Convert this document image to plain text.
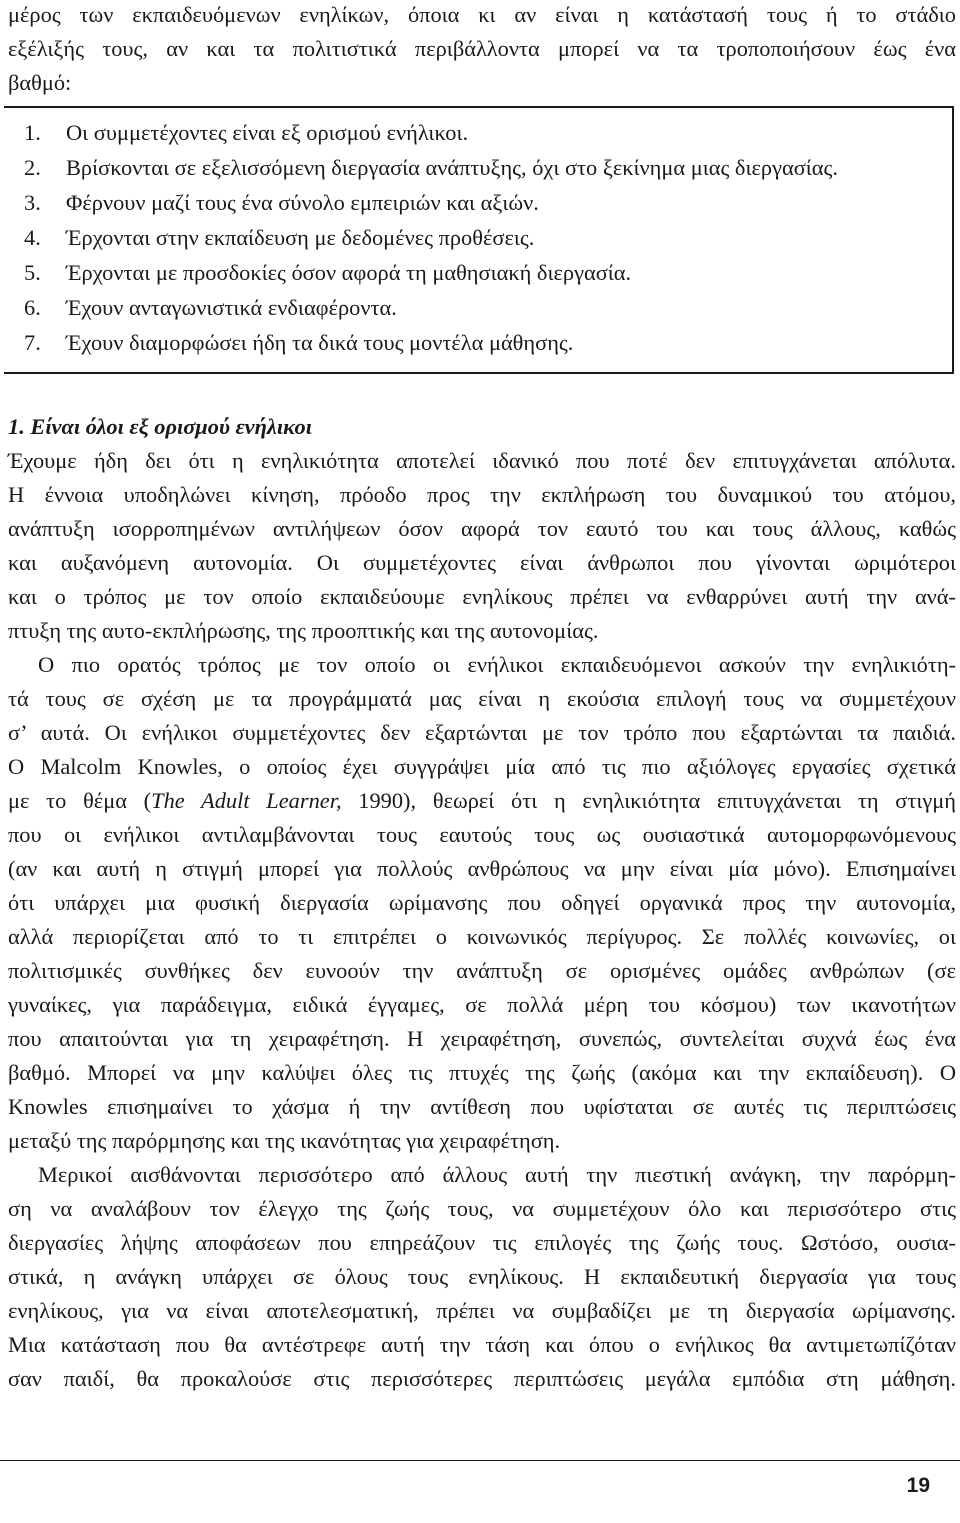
μέρος των εκπαιδευόμενων ενηλίκων, όποια κι αν είναι η κατάστασή τους ή το στάδιο
εξέλιξής τους, αν και τα πολιτιστικά περιβάλλοντα μπορεί να τα τροποποιήσουν έως ένα
βαθμό:
1. Οι συμμετέχοντες είναι εξ ορισμού ενήλικοι.
2. Βρίσκονται σε εξελισσόμενη διεργασία ανάπτυξης, όχι στο ξεκίνημα μιας διεργασίας.
3. Φέρνουν μαζί τους ένα σύνολο εμπειριών και αξιών.
4. Έρχονται στην εκπαίδευση με δεδομένες προθέσεις.
5. Έρχονται με προσδοκίες όσον αφορά τη μαθησιακή διεργασία.
6. Έχουν ανταγωνιστικά ενδιαφέροντα.
7. Έχουν διαμορφώσει ήδη τα δικά τους μοντέλα μάθησης.
1. Είναι όλοι εξ ορισμού ενήλικοι
Έχουμε ήδη δει ότι η ενηλικιότητα αποτελεί ιδανικό που ποτέ δεν επιτυγχάνεται απόλυτα.
Η έννοια υποδηλώνει κίνηση, πρόοδο προς την εκπλήρωση του δυναμικού του ατόμου,
ανάπτυξη ισορροπημένων αντιλήψεων όσον αφορά τον εαυτό του και τους άλλους, καθώς
και αυξανόμενη αυτονομία. Οι συμμετέχοντες είναι άνθρωποι που γίνονται ωριμότεροι
και ο τρόπος με τον οποίο εκπαιδεύουμε ενηλίκους πρέπει να ενθαρρύνει αυτή την ανά-
πτυξη της αυτο-εκπλήρωσης, της προοπτικής και της αυτονομίας.
Ο πιο ορατός τρόπος με τον οποίο οι ενήλικοι εκπαιδευόμενοι ασκούν την ενηλικιότη-
τά τους σε σχέση με τα προγράμματά μας είναι η εκούσια επιλογή τους να συμμετέχουν
σ’ αυτά. Οι ενήλικοι συμμετέχοντες δεν εξαρτώνται με τον τρόπο που εξαρτώνται τα παιδιά.
Ο Malcolm Knowles, ο οποίος έχει συγγράψει μία από τις πιο αξιόλογες εργασίες σχετικά
με το θέμα (The Adult Learner, 1990), θεωρεί ότι η ενηλικιότητα επιτυγχάνεται τη στιγμή
που οι ενήλικοι αντιλαμβάνονται τους εαυτούς τους ως ουσιαστικά αυτομορφωνόμενους
(αν και αυτή η στιγμή μπορεί για πολλούς ανθρώπους να μην είναι μία μόνο). Επισημαίνει
ότι υπάρχει μια φυσική διεργασία ωρίμανσης που οδηγεί οργανικά προς την αυτονομία,
αλλά περιορίζεται από το τι επιτρέπει ο κοινωνικός περίγυρος. Σε πολλές κοινωνίες, οι
πολιτισμικές συνθήκες δεν ευνοούν την ανάπτυξη σε ορισμένες ομάδες ανθρώπων (σε
γυναίκες, για παράδειγμα, ειδικά έγγαμες, σε πολλά μέρη του κόσμου) των ικανοτήτων
που απαιτούνται για τη χειραφέτηση. Η χειραφέτηση, συνεπώς, συντελείται συχνά έως ένα
βαθμό. Μπορεί να μην καλύψει όλες τις πτυχές της ζωής (ακόμα και την εκπαίδευση). Ο
Knowles επισημαίνει το χάσμα ή την αντίθεση που υφίσταται σε αυτές τις περιπτώσεις
μεταξύ της παρόρμησης και της ικανότητας για χειραφέτηση.
Μερικοί αισθάνονται περισσότερο από άλλους αυτή την πιεστική ανάγκη, την παρόρμη-
ση να αναλάβουν τον έλεγχο της ζωής τους, να συμμετέχουν όλο και περισσότερο στις
διεργασίες λήψης αποφάσεων που επηρεάζουν τις επιλογές της ζωής τους. Ωστόσο, ουσια-
στικά, η ανάγκη υπάρχει σε όλους τους ενηλίκους. Η εκπαιδευτική διεργασία για τους
ενηλίκους, για να είναι αποτελεσματική, πρέπει να συμβαδίζει με τη διεργασία ωρίμανσης.
Μια κατάσταση που θα αντέστρεφε αυτή την τάση και όπου ο ενήλικος θα αντιμετωπίζόταν
σαν παιδί, θα προκαλούσε στις περισσότερες περιπτώσεις μεγάλα εμπόδια στη μάθηση.
19
